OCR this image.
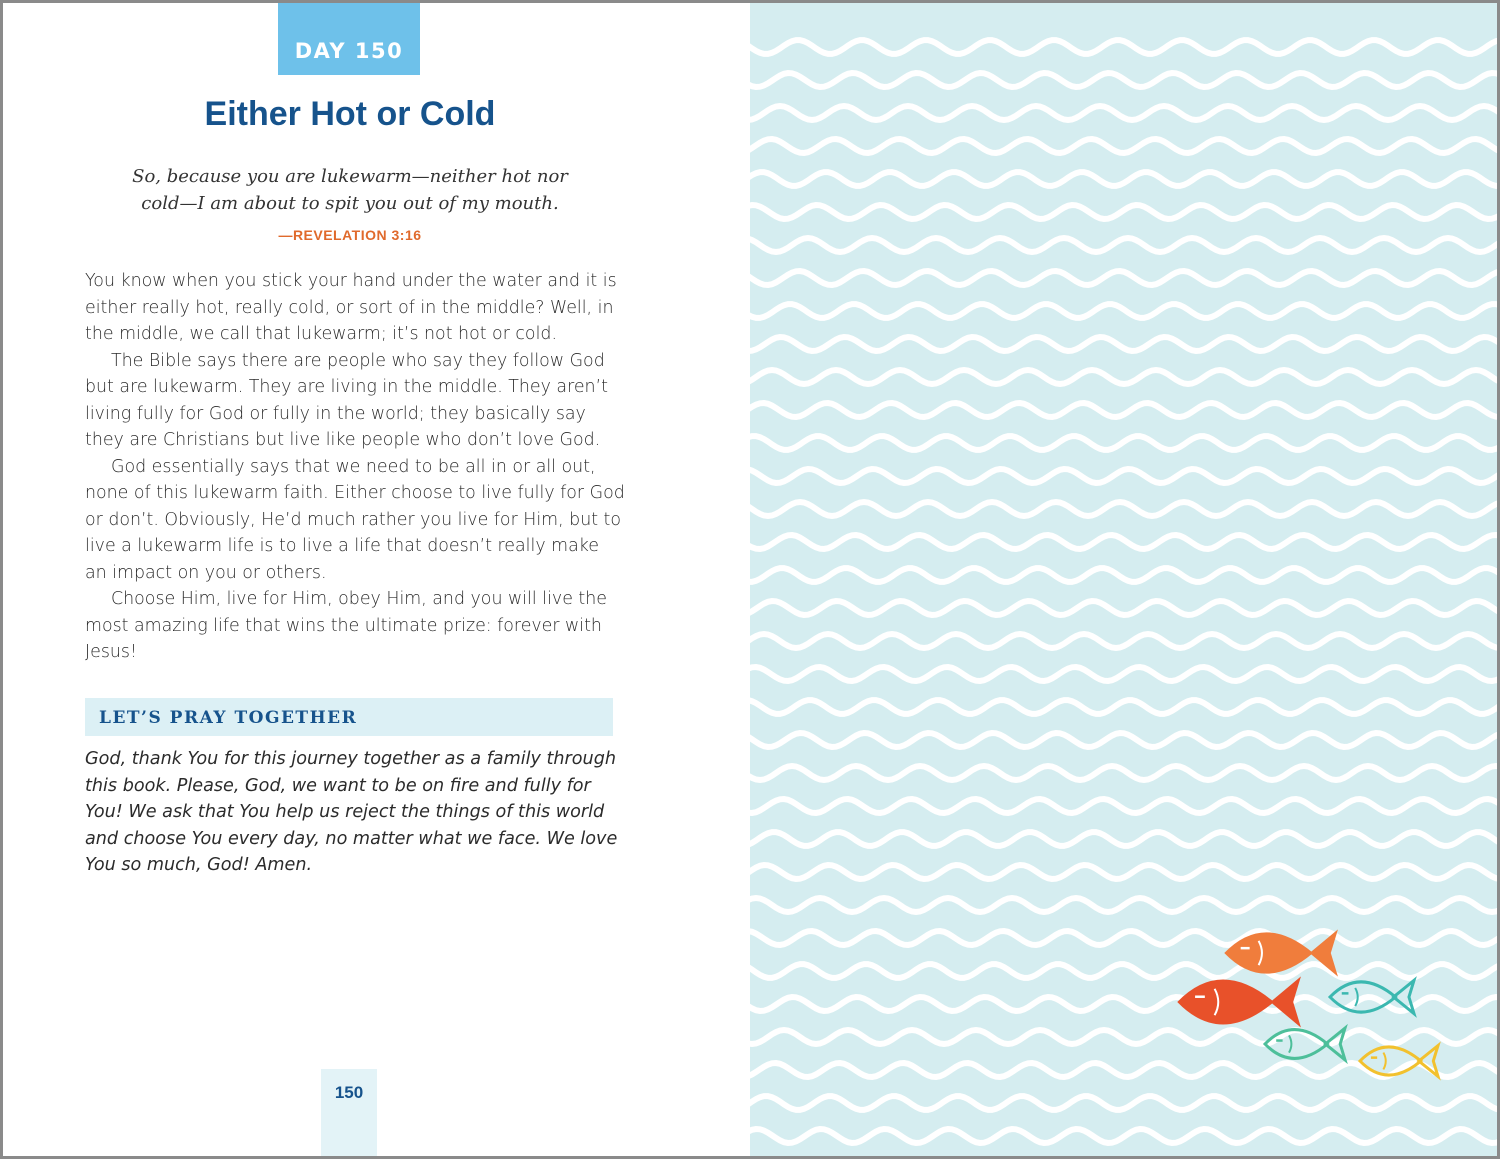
DAY 150
Either Hot or Cold
So, because you are lukewarm—neither hot nor
cold—I am about to spit you out of my mouth.
—REVELATION 3:16

You know when you stick your hand under the water and it is either really hot, really cold, or sort of in the middle? Well, in the middle, we call that lukewarm; it’s not hot or cold.

The Bible says there are people who say they follow God but are lukewarm. They are living in the middle. They aren’t living fully for God or fully in the world; they basically say they are Christians but live like people who don’t love God.

God essentially says that we need to be all in or all out, none of this lukewarm faith. Either choose to live fully for God or don’t. Obviously, He’d much rather you live for Him, but to live a lukewarm life is to live a life that doesn’t really make an impact on you or others.

Choose Him, live for Him, obey Him, and you will live the most amazing life that wins the ultimate prize: forever with Jesus!

LET’S PRAY TOGETHER
God, thank You for this journey together as a family through this book. Please, God, we want to be on fire and fully for You! We ask that You help us reject the things of this world and choose You every day, no matter what we face. We love You so much, God! Amen.
150
